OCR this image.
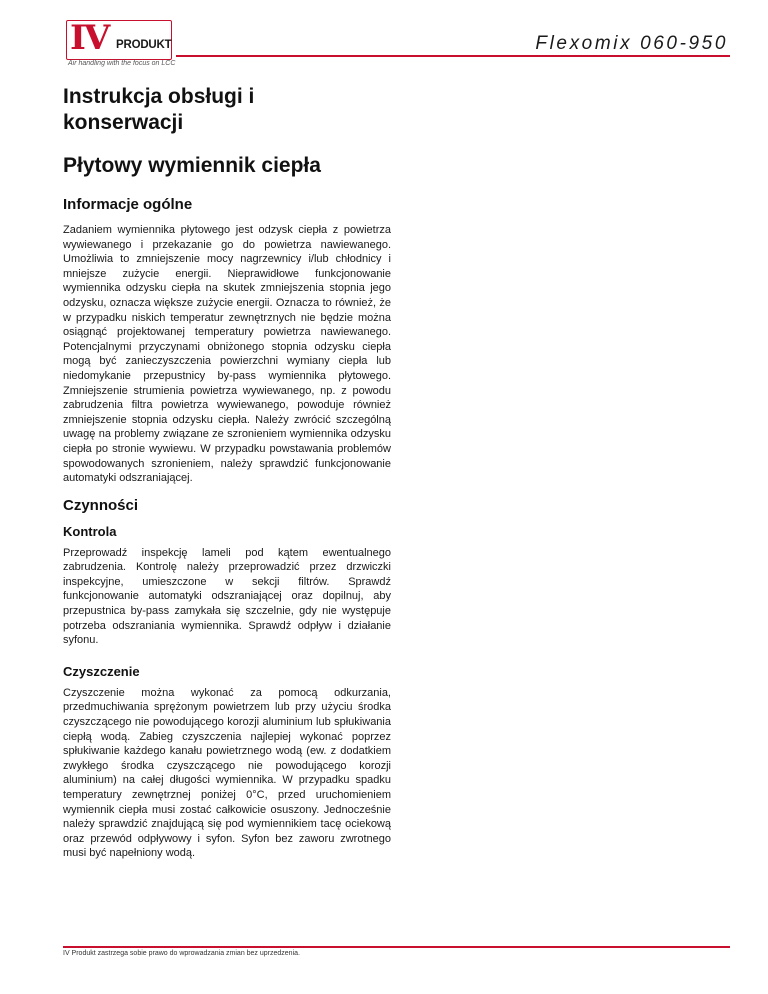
IV PRODUKT
Air handling with the focus on LCC
Flexomix 060-950
Instrukcja obsługi i konserwacji
Płytowy wymiennik ciepła
Informacje ogólne

Zadaniem wymiennika płytowego jest odzysk ciepła z powietrza wywiewanego i przekazanie go do powietrza nawiewanego. Umożliwia to zmniejszenie mocy nagrzewnicy i/lub chłodnicy i mniejsze zużycie energii. Nieprawidłowe funkcjonowanie wymiennika odzysku ciepła na skutek zmniejszenia stopnia jego odzysku, oznacza większe zużycie energii. Oznacza to również, że w przypadku niskich temperatur zewnętrznych nie będzie można osiągnąć projektowanej temperatury powietrza nawiewanego. Potencjalnymi przyczynami obniżonego stopnia odzysku ciepła mogą być zanieczyszczenia powierzchni wymiany ciepła lub niedomykanie przepustnicy by-pass wymiennika płytowego. Zmniejszenie strumienia powietrza wywiewanego, np. z powodu zabrudzenia filtra powietrza wywiewanego, powoduje również zmniejszenie stopnia odzysku ciepła. Należy zwrócić szczególną uwagę na problemy związane ze szronieniem wymiennika odzysku ciepła po stronie wywiewu. W przypadku powstawania problemów spowodowanych szronieniem, należy sprawdzić funkcjonowanie automatyki odszraniającej.

Czynności
Kontrola

Przeprowadź inspekcję lameli pod kątem ewentualnego zabrudzenia. Kontrolę należy przeprowadzić przez drzwiczki inspekcyjne, umieszczone w sekcji filtrów. Sprawdź funkcjonowanie automatyki odszraniającej oraz dopilnuj, aby przepustnica by-pass zamykała się szczelnie, gdy nie występuje potrzeba odszraniania wymiennika. Sprawdź odpływ i działanie syfonu.

Czyszczenie

Czyszczenie można wykonać za pomocą odkurzania, przedmuchiwania sprężonym powietrzem lub przy użyciu środka czyszczącego nie powodującego korozji aluminium lub spłukiwania ciepłą wodą. Zabieg czyszczenia najlepiej wykonać poprzez spłukiwanie każdego kanału powietrznego wodą (ew. z dodatkiem zwykłego środka czyszczącego nie powodującego korozji aluminium) na całej długości wymiennika. W przypadku spadku temperatury zewnętrznej poniżej 0°C, przed uruchomieniem wymiennik ciepła musi zostać całkowicie osuszony. Jednocześnie należy sprawdzić znajdującą się pod wymiennikiem tacę ociekową oraz przewód odpływowy i syfon. Syfon bez zaworu zwrotnego musi być napełniony wodą.

IV Produkt zastrzega sobie prawo do wprowadzania zmian bez uprzedzenia.
